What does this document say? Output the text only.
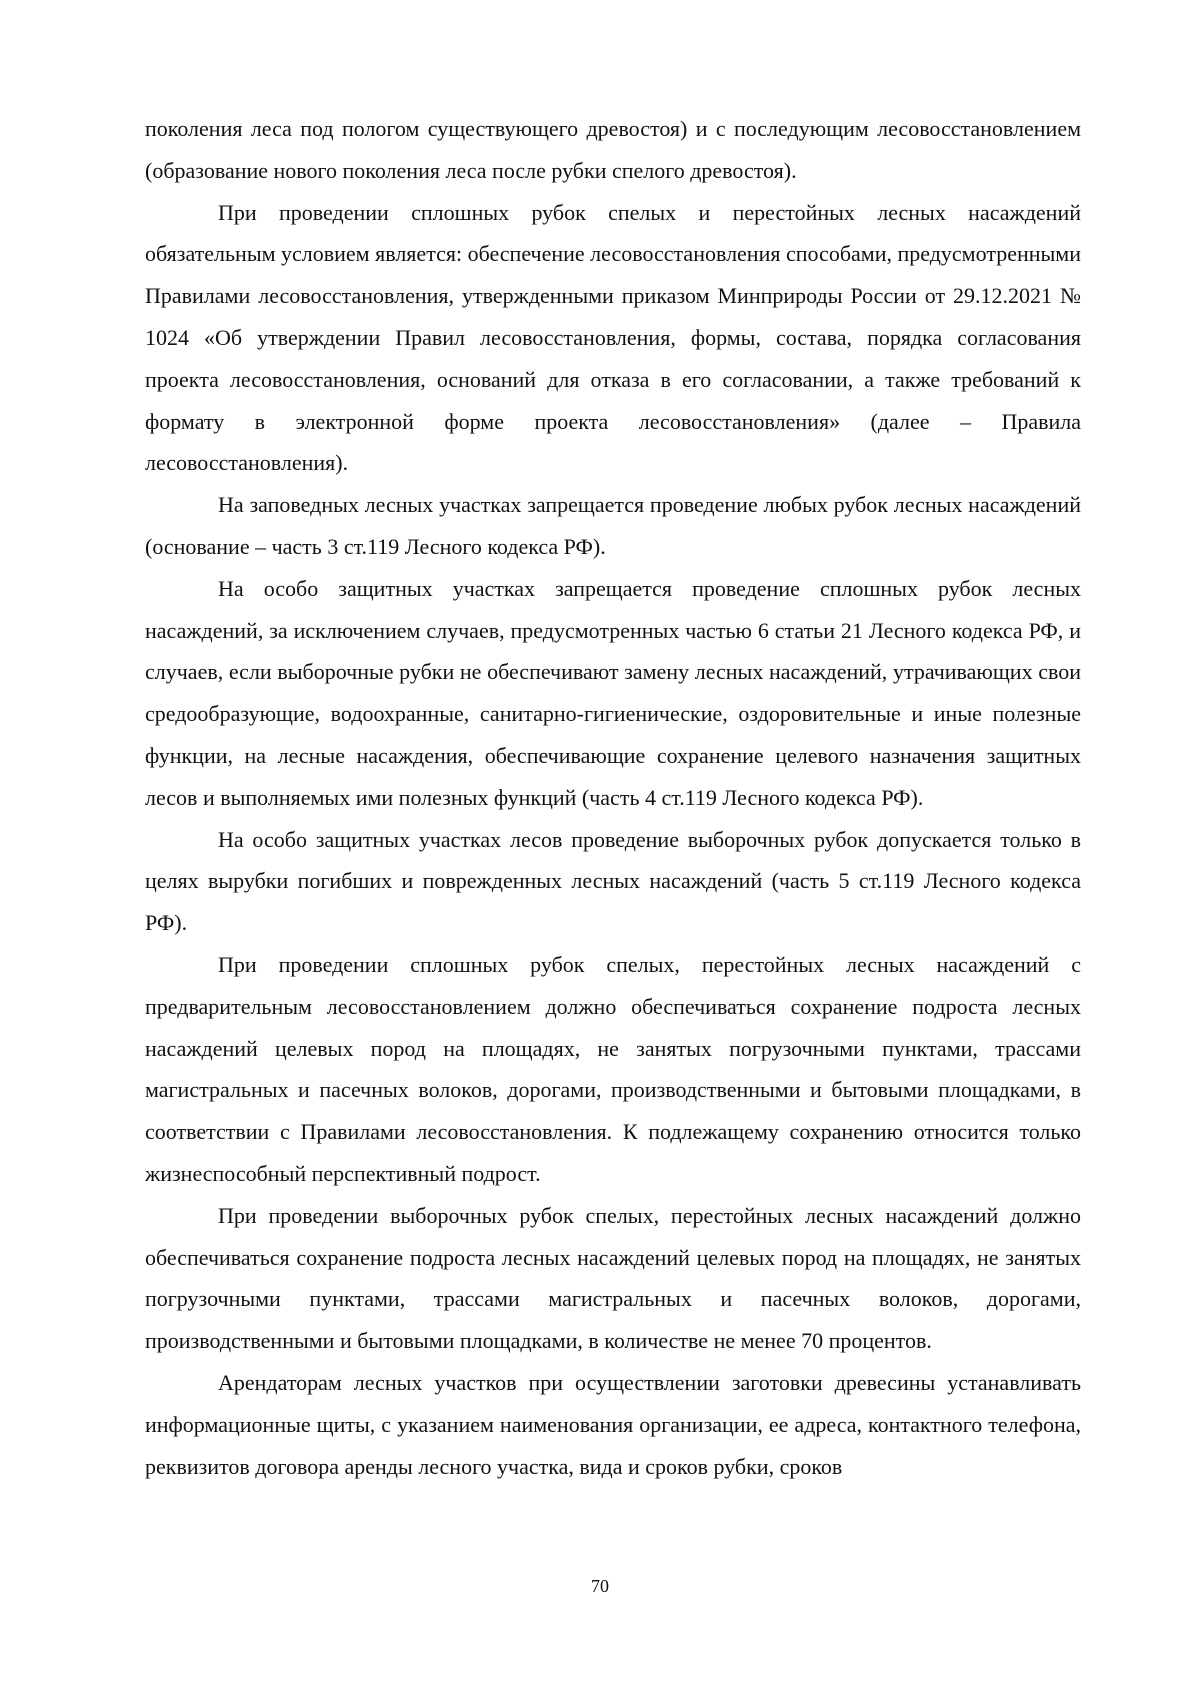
поколения леса под пологом существующего древостоя) и с последующим лесовосстановлением (образование нового поколения леса после рубки спелого древостоя).

При проведении сплошных рубок спелых и перестойных лесных насаждений обязательным условием является: обеспечение лесовосстановления способами, предусмотренными Правилами лесовосстановления, утвержденными приказом Минприроды России от 29.12.2021 № 1024 «Об утверждении Правил лесовосстановления, формы, состава, порядка согласования проекта лесовосстановления, оснований для отказа в его согласовании, а также требований к формату в электронной форме проекта лесовосстановления» (далее – Правила лесовосстановления).

На заповедных лесных участках запрещается проведение любых рубок лесных насаждений (основание – часть 3 ст.119 Лесного кодекса РФ).

На особо защитных участках запрещается проведение сплошных рубок лесных насаждений, за исключением случаев, предусмотренных частью 6 статьи 21 Лесного кодекса РФ, и случаев, если выборочные рубки не обеспечивают замену лесных насаждений, утрачивающих свои средообразующие, водоохранные, санитарно-гигиенические, оздоровительные и иные полезные функции, на лесные насаждения, обеспечивающие сохранение целевого назначения защитных лесов и выполняемых ими полезных функций (часть 4 ст.119 Лесного кодекса РФ).

На особо защитных участках лесов проведение выборочных рубок допускается только в целях вырубки погибших и поврежденных лесных насаждений (часть 5 ст.119 Лесного кодекса РФ).

При проведении сплошных рубок спелых, перестойных лесных насаждений с предварительным лесовосстановлением должно обеспечиваться сохранение подроста лесных насаждений целевых пород на площадях, не занятых погрузочными пунктами, трассами магистральных и пасечных волоков, дорогами, производственными и бытовыми площадками, в соответствии с Правилами лесовосстановления. К подлежащему сохранению относится только жизнеспособный перспективный подрост.

При проведении выборочных рубок спелых, перестойных лесных насаждений должно обеспечиваться сохранение подроста лесных насаждений целевых пород на площадях, не занятых погрузочными пунктами, трассами магистральных и пасечных волоков, дорогами, производственными и бытовыми площадками, в количестве не менее 70 процентов.

Арендаторам лесных участков при осуществлении заготовки древесины устанавливать информационные щиты, с указанием наименования организации, ее адреса, контактного телефона, реквизитов договора аренды лесного участка, вида и сроков рубки, сроков

70
